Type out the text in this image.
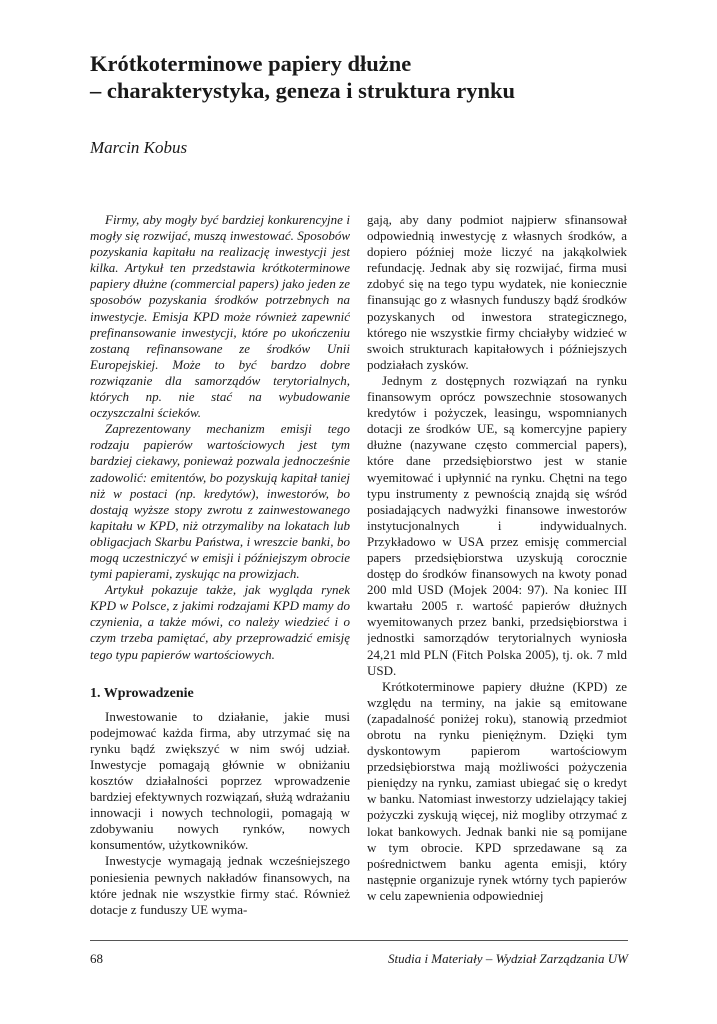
Krótkoterminowe papiery dłużne
– charakterystyka, geneza i struktura rynku

Marcin Kobus

Firmy, aby mogły być bardziej konkurencyjne i mogły się rozwijać, muszą inwestować. Sposobów pozyskania kapitału na realizację inwestycji jest kilka. Artykuł ten przedstawia krótkoterminowe papiery dłużne (commercial papers) jako jeden ze sposobów pozyskania środków potrzebnych na inwestycje. Emisja KPD może również zapewnić prefinansowanie inwestycji, które po ukończeniu zostaną refinansowane ze środków Unii Europejskiej. Może to być bardzo dobre rozwiązanie dla samorządów terytorialnych, których np. nie stać na wybudowanie oczyszczalni ścieków.

Zaprezentowany mechanizm emisji tego rodzaju papierów wartościowych jest tym bardziej ciekawy, ponieważ pozwala jednocześnie zadowolić: emitentów, bo pozyskują kapitał taniej niż w postaci (np. kredytów), inwestorów, bo dostają wyższe stopy zwrotu z zainwestowanego kapitału w KPD, niż otrzymaliby na lokatach lub obligacjach Skarbu Państwa, i wreszcie banki, bo mogą uczestniczyć w emisji i późniejszym obrocie tymi papierami, zyskując na prowizjach.

Artykuł pokazuje także, jak wygląda rynek KPD w Polsce, z jakimi rodzajami KPD mamy do czynienia, a także mówi, co należy wiedzieć i o czym trzeba pamiętać, aby przeprowadzić emisję tego typu papierów wartościowych.

1. Wprowadzenie

Inwestowanie to działanie, jakie musi podejmować każda firma, aby utrzymać się na rynku bądź zwiększyć w nim swój udział. Inwestycje pomagają głównie w obniżaniu kosztów działalności poprzez wprowadzenie bardziej efektywnych rozwiązań, służą wdrażaniu innowacji i nowych technologii, pomagają w zdobywaniu nowych rynków, nowych konsumentów, użytkowników.

Inwestycje wymagają jednak wcześniejszego poniesienia pewnych nakładów finansowych, na które jednak nie wszystkie firmy stać. Również dotacje z funduszy UE wyma-

gają, aby dany podmiot najpierw sfinansował odpowiednią inwestycję z własnych środków, a dopiero później może liczyć na jakąkolwiek refundację. Jednak aby się rozwijać, firma musi zdobyć się na tego typu wydatek, nie koniecznie finansując go z własnych funduszy bądź środków pozyskanych od inwestora strategicznego, którego nie wszystkie firmy chciałyby widzieć w swoich strukturach kapitałowych i późniejszych podziałach zysków.

Jednym z dostępnych rozwiązań na rynku finansowym oprócz powszechnie stosowanych kredytów i pożyczek, leasingu, wspomnianych dotacji ze środków UE, są komercyjne papiery dłużne (nazywane często commercial papers), które dane przedsiębiorstwo jest w stanie wyemitować i upłynnić na rynku. Chętni na tego typu instrumenty z pewnością znajdą się wśród posiadających nadwyżki finansowe inwestorów instytucjonalnych i indywidualnych. Przykładowo w USA przez emisję commercial papers przedsiębiorstwa uzyskują corocznie dostęp do środków finansowych na kwoty ponad 200 mld USD (Mojek 2004: 97). Na koniec III kwartału 2005 r. wartość papierów dłużnych wyemitowanych przez banki, przedsiębiorstwa i jednostki samorządów terytorialnych wyniosła 24,21 mld PLN (Fitch Polska 2005), tj. ok. 7 mld USD.

Krótkoterminowe papiery dłużne (KPD) ze względu na terminy, na jakie są emitowane (zapadalność poniżej roku), stanowią przedmiot obrotu na rynku pieniężnym. Dzięki tym dyskontowym papierom wartościowym przedsiębiorstwa mają możliwości pożyczenia pieniędzy na rynku, zamiast ubiegać się o kredyt w banku. Natomiast inwestorzy udzielający takiej pożyczki zyskują więcej, niż mogliby otrzymać z lokat bankowych. Jednak banki nie są pomijane w tym obrocie. KPD sprzedawane są za pośrednictwem banku agenta emisji, który następnie organizuje rynek wtórny tych papierów w celu zapewnienia odpowiedniej

68	Studia i Materiały – Wydział Zarządzania UW
